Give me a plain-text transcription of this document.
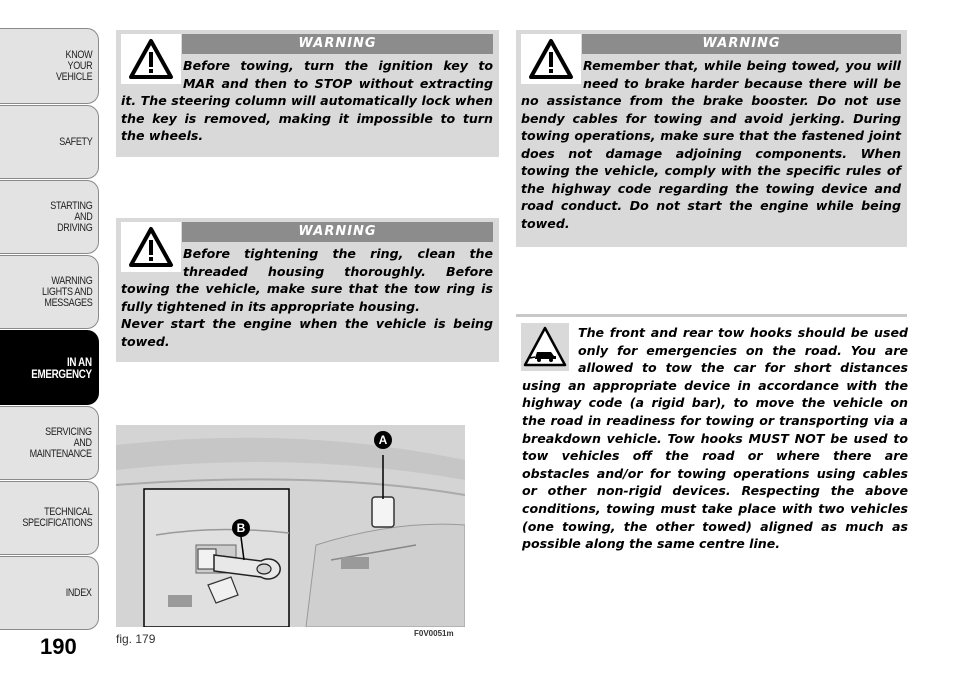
KNOW
YOUR
VEHICLE
SAFETY
STARTING
AND
DRIVING
WARNING
LIGHTS AND
MESSAGES
IN AN
EMERGENCY
SERVICING
AND
MAINTENANCE
TECHNICAL
SPECIFICATIONS
INDEX
190
WARNING
Before towing, turn the ignition key to MAR and then to STOP without extracting it. The steering column will automatically lock when the key is removed, making it impossible to turn the wheels.
WARNING
Before tightening the ring, clean the threaded housing thoroughly. Before towing the vehicle, make sure that the tow ring is fully tightened in its appropriate housing.
Never start the engine when the vehicle is being towed.
WARNING
Remember that, while being towed, you will need to brake harder because there will be no assistance from the brake booster. Do not use bendy cables for towing and avoid jerking. During towing operations, make sure that the fastened joint does not damage adjoining components. When towing the vehicle, comply with the specific rules of the highway code regarding the towing device and road conduct. Do not start the engine while being towed.
The front and rear tow hooks should be used only for emergencies on the road. You are allowed to tow the car for short distances using an appropriate device in accordance with the highway code (a rigid bar), to move the vehicle on the road in readiness for towing or transporting via a breakdown vehicle. Tow hooks MUST NOT be used to tow vehicles off the road or where there are obstacles and/or for towing operations using cables or other non-rigid devices. Respecting the above conditions, towing must take place with two vehicles (one towing, the other towed) aligned as much as possible along the same centre line.
A
B
fig. 179	F0V0051m
